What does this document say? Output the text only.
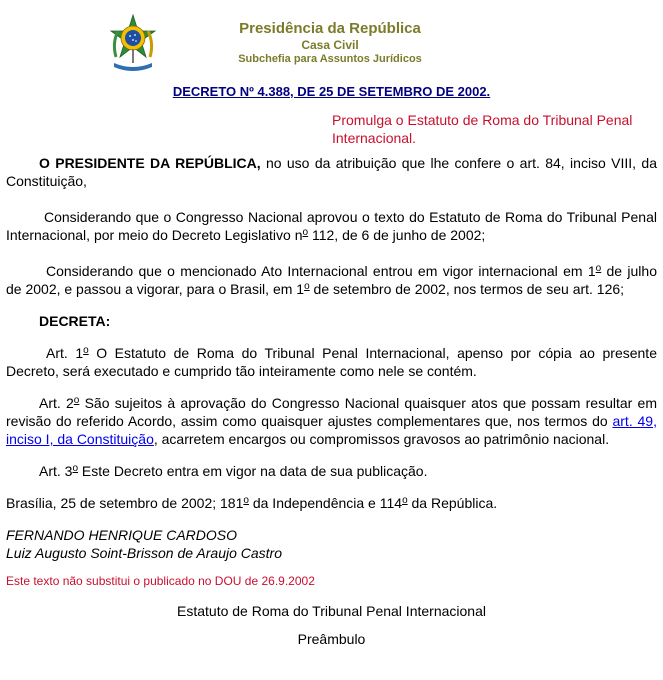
Presidência da República
Casa Civil
Subchefia para Assuntos Jurídicos
DECRETO Nº 4.388, DE 25 DE SETEMBRO DE 2002.
Promulga o Estatuto de Roma do Tribunal Penal Internacional.

O PRESIDENTE DA REPÚBLICA, no uso da atribuição que lhe confere o art. 84, inciso VIII, da Constituição,

Considerando que o Congresso Nacional aprovou o texto do Estatuto de Roma do Tribunal Penal Internacional, por meio do Decreto Legislativo $n^o$ 112, de 6 de junho de 2002;

Considerando que o mencionado Ato Internacional entrou em vigor internacional em 1$^o$ de julho de 2002, e passou a vigorar, para o Brasil, em 1$^o$ de setembro de 2002, nos termos de seu art. 126;

DECRETA:

Art. 1$^o$ O Estatuto de Roma do Tribunal Penal Internacional, apenso por cópia ao presente Decreto, será executado e cumprido tão inteiramente como nele se contém.

Art. 2$^o$ São sujeitos à aprovação do Congresso Nacional quaisquer atos que possam resultar em revisão do referido Acordo, assim como quaisquer ajustes complementares que, nos termos do art. 49, inciso I, da Constituição, acarretem encargos ou compromissos gravosos ao patrimônio nacional.

Art. 3$^o$ Este Decreto entra em vigor na data de sua publicação.

Brasília, 25 de setembro de 2002; 181$^o$ da Independência e 114$^o$ da República.

FERNANDO HENRIQUE CARDOSO
Luiz Augusto Soint-Brisson de Araujo Castro
Este texto não substitui o publicado no DOU de 26.9.2002
Estatuto de Roma do Tribunal Penal Internacional
Preâmbulo
